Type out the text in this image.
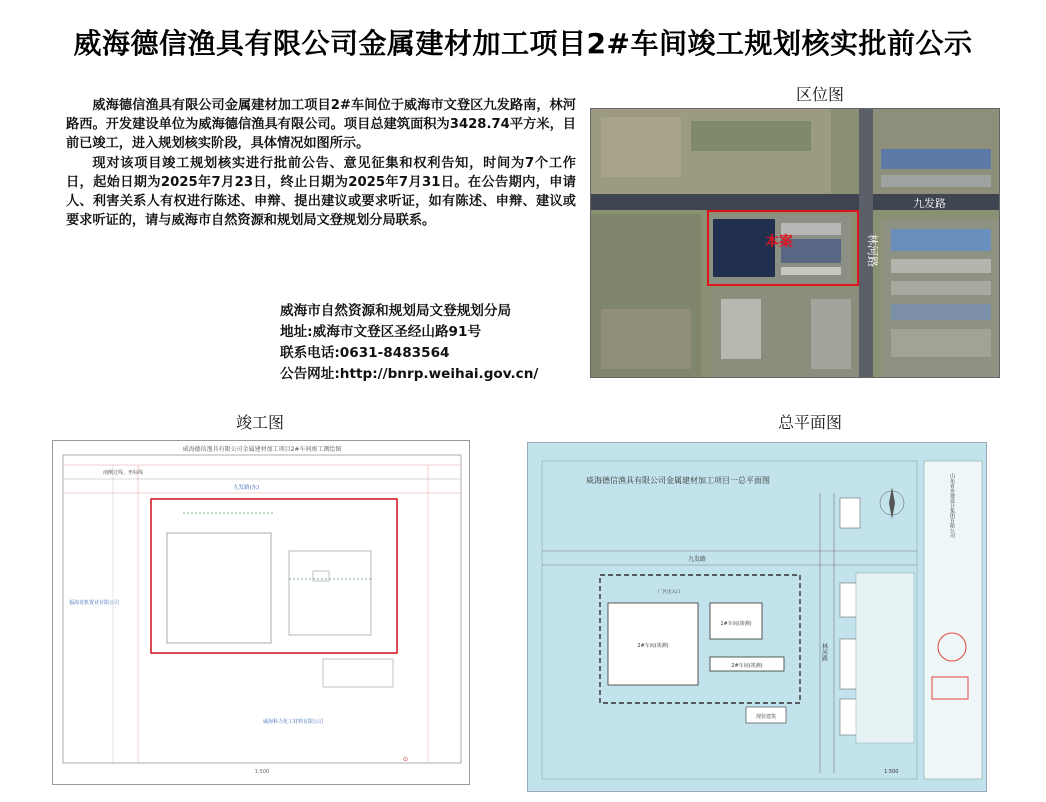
威海德信渔具有限公司金属建材加工项目2#车间竣工规划核实批前公示

威海德信渔具有限公司金属建材加工项目2#车间位于威海市文登区九发路南，林河路西。开发建设单位为威海德信渔具有限公司。项目总建筑面积为3428.74平方米，目前已竣工，进入规划核实阶段，具体情况如图所示。

现对该项目竣工规划核实进行批前公告、意见征集和权利告知，时间为7个工作日，起始日期为2025年7月23日，终止日期为2025年7月31日。在公告期内，申请人、利害关系人有权进行陈述、申辩、提出建议或要求听证，如有陈述、申辩、建议或要求听证的，请与威海市自然资源和规划局文登规划分局联系。

威海市自然资源和规划局文登规划分局
地址:威海市文登区圣经山路91号
联系电话:0631-8483564
公告网址:http://bnrp.weihai.gov.cn/
区位图
竣工图	总平面图
本案
九发路
林河路
威海德信渔具有限公司金属建材加工项目2#车间竣工测绘图
九发路(东)
南侧过线、坐标线
福海龙机置业有限公司
威海科力化工材料有限公司
1:500
⊙
威海德信渔具有限公司金属建材加工项目一总平面图
九发路
林河路
2#车间(竣测)
1#车间(竣测)
2#车间(竣测)
厂区出入口
现状建筑
山东省乡建设计集团有限公司
1:500
